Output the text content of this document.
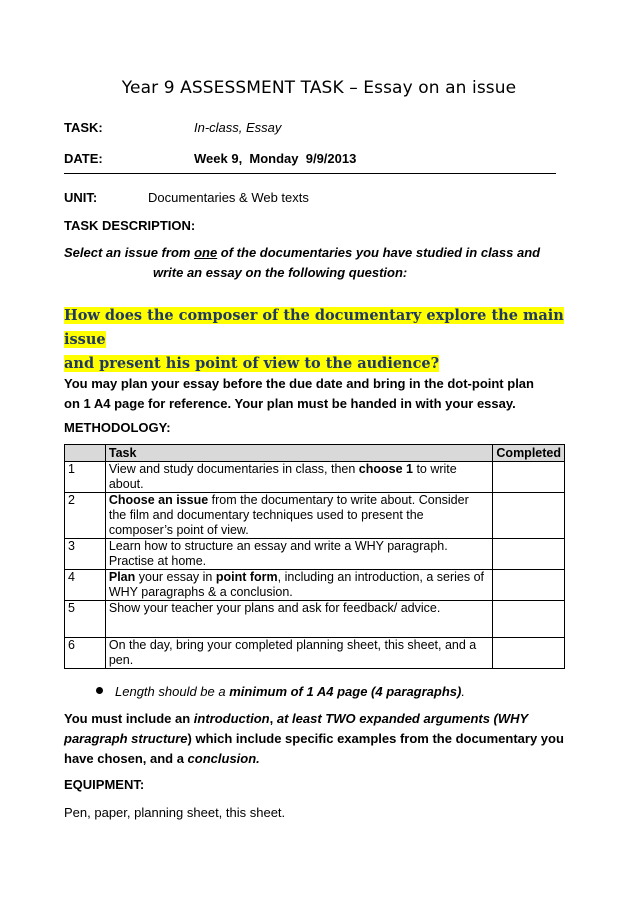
Year 9 ASSESSMENT TASK – Essay on an issue
TASK:	In-class, Essay
DATE:	Week 9,  Monday  9/9/2013
UNIT:	Documentaries & Web texts
TASK DESCRIPTION:
Select an issue from one of the documentaries you have studied in class and
write an essay on the following question:
How does the composer of the documentary explore the main issue
and present his point of view to the audience?
You may plan your essay before the due date and bring in the dot-point plan
on 1 A4 page for reference. Your plan must be handed in with your essay.
METHODOLOGY:
	Task	Completed
1	View and study documentaries in class, then choose 1 to write about.	
2	Choose an issue from the documentary to write about. Consider the film and documentary techniques used to present the composer’s point of view.	
3	Learn how to structure an essay and write a WHY paragraph. Practise at home.	
4	Plan your essay in point form, including an introduction, a series of WHY paragraphs & a conclusion.	
5	Show your teacher your plans and ask for feedback/ advice.	
6	On the day, bring your completed planning sheet, this sheet, and a pen.	
Length should be a minimum of 1 A4 page (4 paragraphs).
You must include an introduction, at least TWO expanded arguments (WHY paragraph structure) which include specific examples from the documentary you have chosen, and a conclusion.
EQUIPMENT:
Pen, paper, planning sheet, this sheet.
